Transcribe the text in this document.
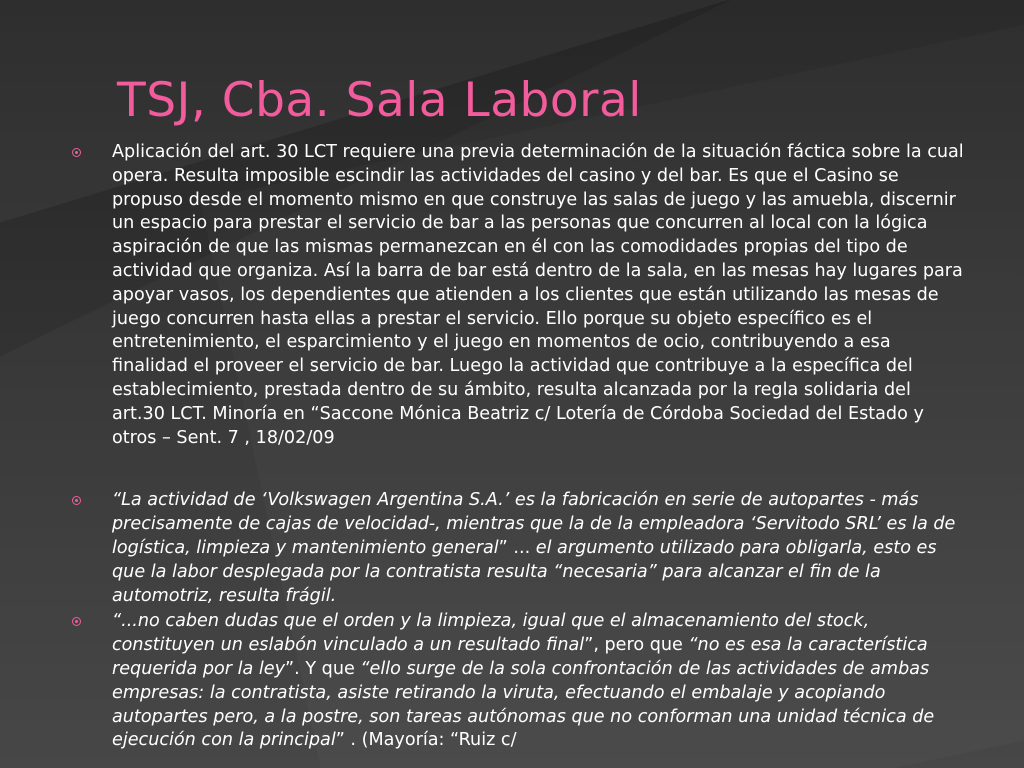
TSJ, Cba. Sala Laboral
Aplicación del art. 30 LCT requiere una previa determinación de la situación fáctica sobre la cual opera. Resulta imposible escindir las actividades del casino y del bar. Es que el Casino se propuso desde el momento mismo en que construye las salas de juego y las amuebla, discernir un espacio para prestar el servicio de bar a las personas que concurren al local con la lógica aspiración de que las mismas permanezcan en él con las comodidades propias del tipo de actividad que organiza. Así la barra de bar está dentro de la sala, en las mesas hay lugares para apoyar vasos, los dependientes que atienden a los clientes que están utilizando las mesas de juego concurren hasta ellas a prestar el servicio. Ello porque su objeto específico es el entretenimiento, el esparcimiento y el juego en momentos de ocio, contribuyendo a esa finalidad el proveer el servicio de bar. Luego la actividad que contribuye a la específica del establecimiento, prestada dentro de su ámbito, resulta alcanzada por la regla solidaria del art.30 LCT. Minoría en “Saccone Mónica Beatriz c/ Lotería de Córdoba Sociedad del Estado y otros – Sent. 7 , 18/02/09
“La actividad de ‘Volkswagen Argentina S.A.’ es la fabricación en serie de autopartes - más precisamente de cajas de velocidad-, mientras que la de la empleadora ‘Servitodo SRL’ es la de logística, limpieza y mantenimiento general” ... el argumento utilizado para obligarla, esto es que la labor desplegada por la contratista resulta “necesaria” para alcanzar el fin de la automotriz, resulta frágil.
“...no caben dudas que el orden y la limpieza, igual que el almacenamiento del stock, constituyen un eslabón vinculado a un resultado final”, pero que “no es esa la característica requerida por la ley”. Y que “ello surge de la sola confrontación de las actividades de ambas empresas: la contratista, asiste retirando la viruta, efectuando el embalaje y acopiando autopartes pero, a la postre, son tareas autónomas que no conforman una unidad técnica de ejecución con la principal” . (Mayoría: “Ruiz c/
